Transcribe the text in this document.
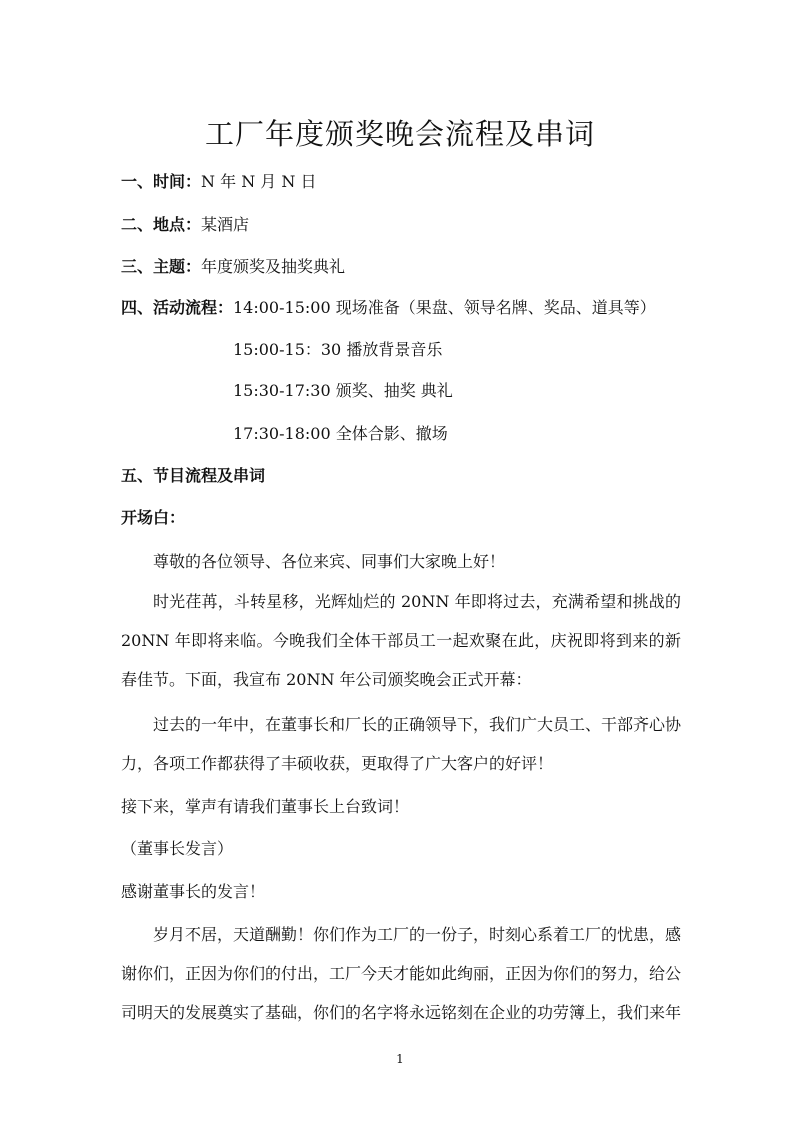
工厂年度颁奖晚会流程及串词
一、时间：N 年 N 月 N 日
二、地点：某酒店
三、主题：年度颁奖及抽奖典礼
四、活动流程： 14:00-15:00 现场准备（果盘、领导名牌、奖品、道具等）
15:00-15：30 播放背景音乐
15:30-17:30 颁奖、抽奖 典礼
17:30-18:00 全体合影、撤场
五、节目流程及串词
开场白：

尊敬的各位领导、各位来宾、同事们大家晚上好！

时光荏苒，斗转星移，光辉灿烂的 20NN 年即将过去，充满希望和挑战的 20NN 年即将来临。今晚我们全体干部员工一起欢聚在此，庆祝即将到来的新春佳节。下面，我宣布 20NN 年公司颁奖晚会正式开幕：

过去的一年中，在董事长和厂长的正确领导下，我们广大员工、干部齐心协力，各项工作都获得了丰硕收获，更取得了广大客户的好评！

接下来，掌声有请我们董事长上台致词！
（董事长发言）
感谢董事长的发言！

岁月不居，天道酬勤！你们作为工厂的一份子，时刻心系着工厂的忧患，感谢你们，正因为你们的付出，工厂今天才能如此绚丽，正因为你们的努力，给公司明天的发展奠实了基础，你们的名字将永远铭刻在企业的功劳簿上，我们来年

1
